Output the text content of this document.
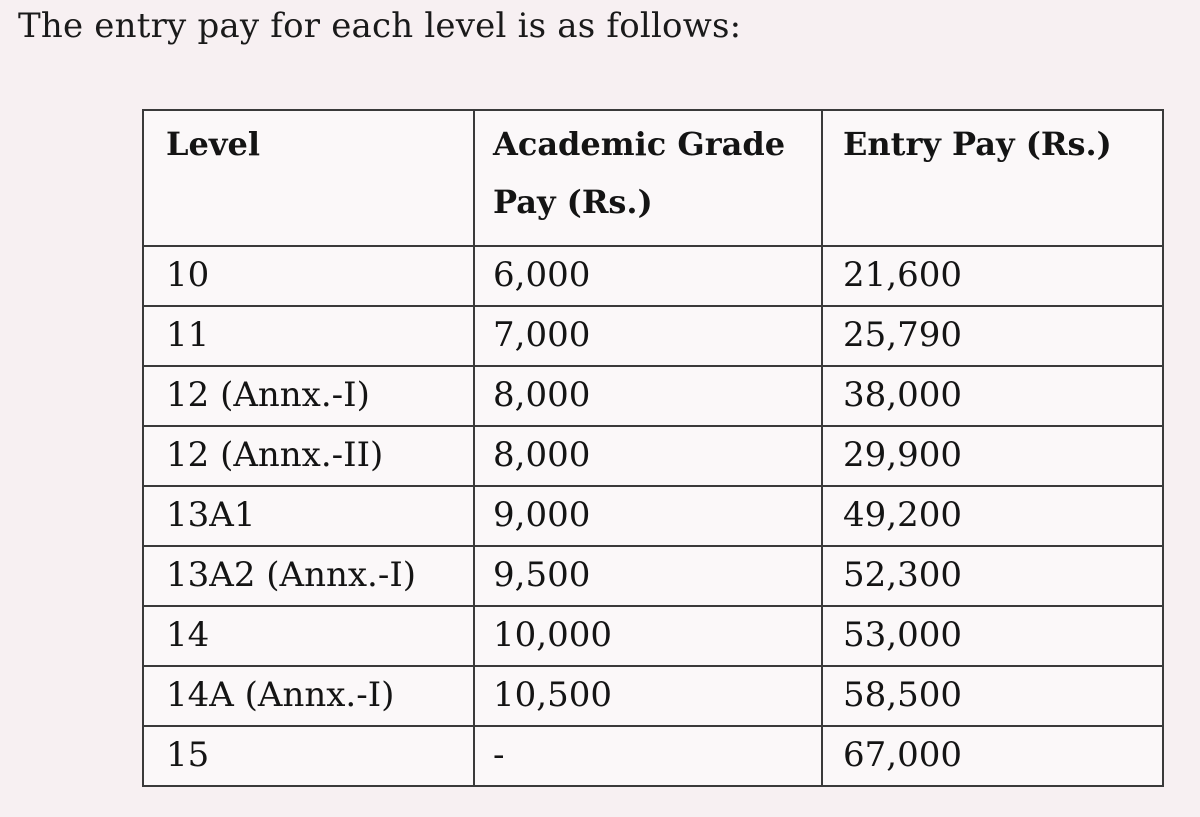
The entry pay for each level is as follows:
Level	Academic Grade Pay (Rs.)	Entry Pay (Rs.)
10	6,000	21,600
11	7,000	25,790
12 (Annx.-I)	8,000	38,000
12 (Annx.-II)	8,000	29,900
13A1	9,000	49,200
13A2 (Annx.-I)	9,500	52,300
14	10,000	53,000
14A (Annx.-I)	10,500	58,500
15	-	67,000
